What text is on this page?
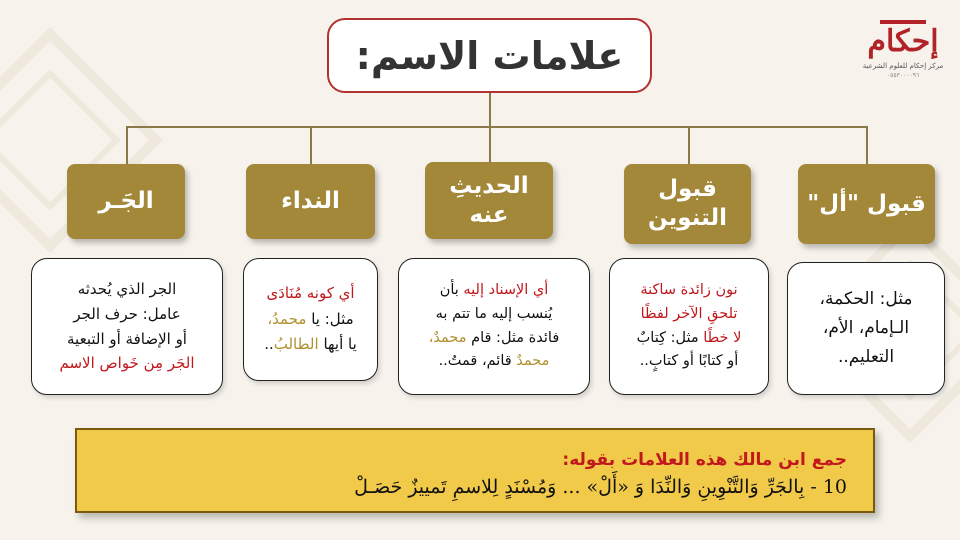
إحكام
مركز إحكام للعلوم الشرعية
٠٥٥٣٠٠٠٠٩٦
علامات الاسم:
قبول "أل"
قبول التنوين
الحديثِ عنه
النداء
الجَـر
مثل: الحكمة،
الـإمام، الأم،
التعليم..
نون زائدة ساكنة
تلحقِ الآخر لفظًا
لا خطًا مثل: كِتابٌ
أو كتابًا أو كتابٍ..
أي الإسناد إليه بأن
يُنسب إليه ما تتم به
فائدة مثل: قام محمدٌ،
محمدٌ قائم، قمتُ..
أي كونه مُنَادَى
مثل: يا محمدُ،
يا أيها الطالبُ..
الجر الذي يُحدثه
عامل: حرف الجر
أو الإضافة أو التبعية
الجَر مِن خَواص الاسم
جمع ابن مالك هذه العلامات بقوله:
10 - بِالجَرِّ وَالتَّنْوِينِ وَالنِّدَا وَ «أَلْ» ... وَمُسْنَدٍ لِلاسمِ تَمييزٌ حَصَـلْ
